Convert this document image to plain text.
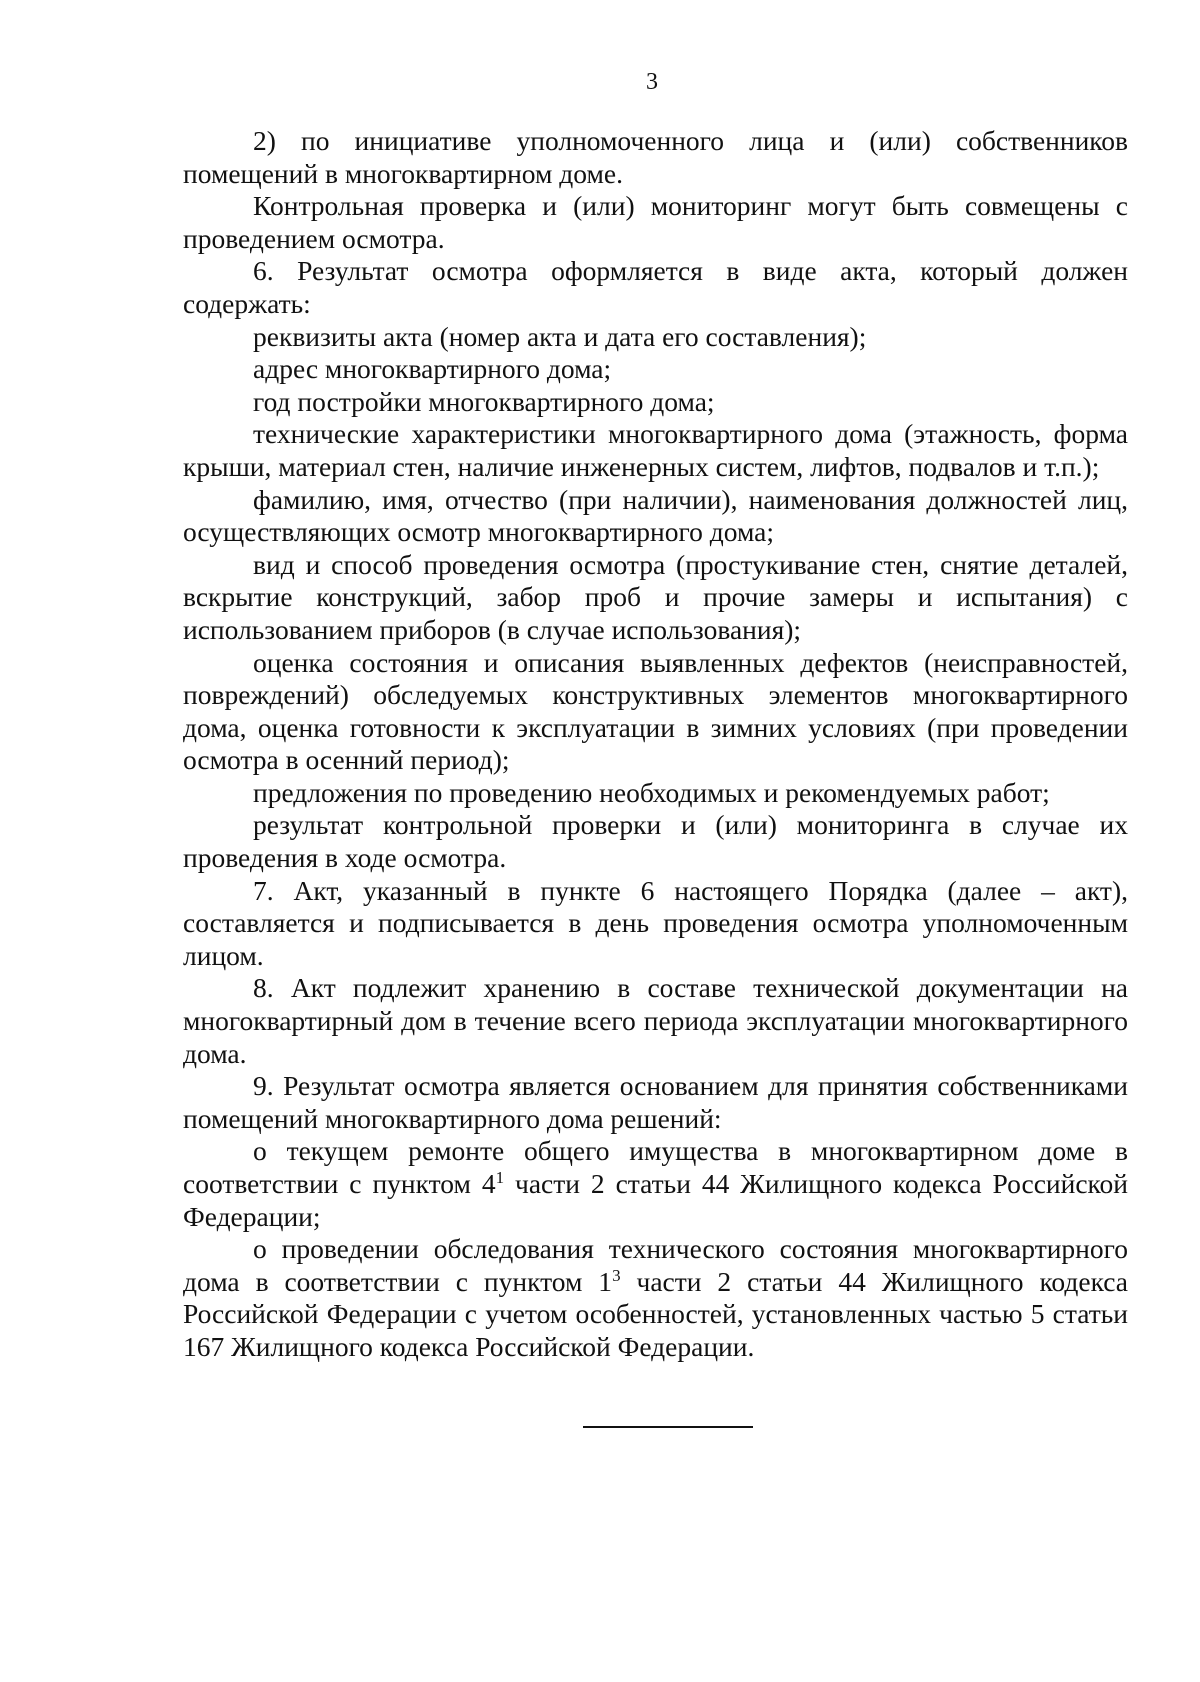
3

2) по инициативе уполномоченного лица и (или) собственников помещений в многоквартирном доме.

Контрольная проверка и (или) мониторинг могут быть совмещены с проведением осмотра.

6. Результат осмотра оформляется в виде акта, который должен содержать:

реквизиты акта (номер акта и дата его составления);

адрес многоквартирного дома;

год постройки многоквартирного дома;

технические характеристики многоквартирного дома (этажность, форма крыши, материал стен, наличие инженерных систем, лифтов, подвалов и т.п.);

фамилию, имя, отчество (при наличии), наименования должностей лиц, осуществляющих осмотр многоквартирного дома;

вид и способ проведения осмотра (простукивание стен, снятие деталей, вскрытие конструкций, забор проб и прочие замеры и испытания) с использованием приборов (в случае использования);

оценка состояния и описания выявленных дефектов (неисправностей, повреждений) обследуемых конструктивных элементов многоквартирного дома, оценка готовности к эксплуатации в зимних условиях (при проведении осмотра в осенний период);

предложения по проведению необходимых и рекомендуемых работ;

результат контрольной проверки и (или) мониторинга в случае их проведения в ходе осмотра.

7. Акт, указанный в пункте 6 настоящего Порядка (далее – акт), составляется и подписывается в день проведения осмотра уполномоченным лицом.

8. Акт подлежит хранению в составе технической документации на многоквартирный дом в течение всего периода эксплуатации многоквартирного дома.

9. Результат осмотра является основанием для принятия собственниками помещений многоквартирного дома решений:

о текущем ремонте общего имущества в многоквартирном доме в соответствии с пунктом $4^1$ части 2 статьи 44 Жилищного кодекса Российской Федерации;

о проведении обследования технического состояния многоквартирного дома в соответствии с пунктом $1^3$ части 2 статьи 44 Жилищного кодекса Российской Федерации с учетом особенностей, установленных частью 5 статьи 167 Жилищного кодекса Российской Федерации.
